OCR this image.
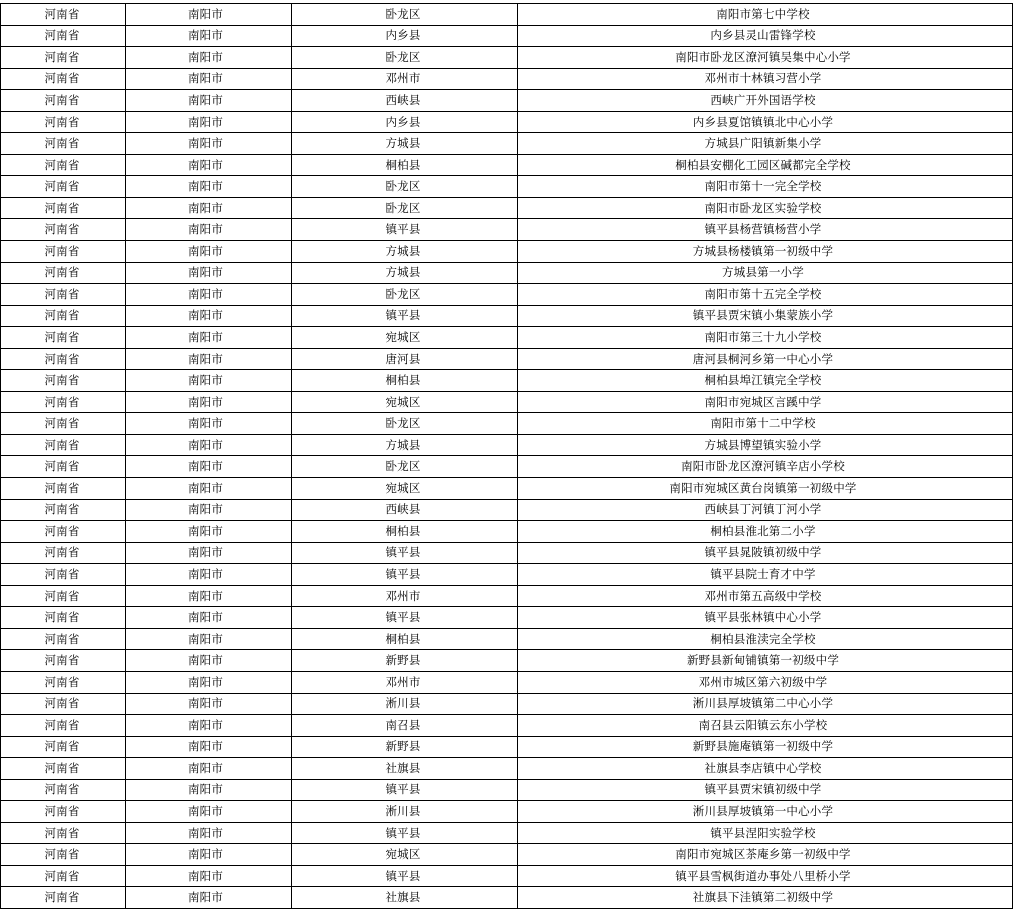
河南省	南阳市	卧龙区	南阳市第七中学校
河南省	南阳市	内乡县	内乡县灵山雷锋学校
河南省	南阳市	卧龙区	南阳市卧龙区潦河镇吴集中心小学
河南省	南阳市	邓州市	邓州市十林镇习营小学
河南省	南阳市	西峡县	西峡广开外国语学校
河南省	南阳市	内乡县	内乡县夏馆镇镇北中心小学
河南省	南阳市	方城县	方城县广阳镇新集小学
河南省	南阳市	桐柏县	桐柏县安棚化工园区碱都完全学校
河南省	南阳市	卧龙区	南阳市第十一完全学校
河南省	南阳市	卧龙区	南阳市卧龙区实验学校
河南省	南阳市	镇平县	镇平县杨营镇杨营小学
河南省	南阳市	方城县	方城县杨楼镇第一初级中学
河南省	南阳市	方城县	方城县第一小学
河南省	南阳市	卧龙区	南阳市第十五完全学校
河南省	南阳市	镇平县	镇平县贾宋镇小集蒙族小学
河南省	南阳市	宛城区	南阳市第三十九小学校
河南省	南阳市	唐河县	唐河县桐河乡第一中心小学
河南省	南阳市	桐柏县	桐柏县埠江镇完全学校
河南省	南阳市	宛城区	南阳市宛城区言蹊中学
河南省	南阳市	卧龙区	南阳市第十二中学校
河南省	南阳市	方城县	方城县博望镇实验小学
河南省	南阳市	卧龙区	南阳市卧龙区潦河镇辛店小学校
河南省	南阳市	宛城区	南阳市宛城区黄台岗镇第一初级中学
河南省	南阳市	西峡县	西峡县丁河镇丁河小学
河南省	南阳市	桐柏县	桐柏县淮北第二小学
河南省	南阳市	镇平县	镇平县晁陂镇初级中学
河南省	南阳市	镇平县	镇平县院士育才中学
河南省	南阳市	邓州市	邓州市第五高级中学校
河南省	南阳市	镇平县	镇平县张林镇中心小学
河南省	南阳市	桐柏县	桐柏县淮渎完全学校
河南省	南阳市	新野县	新野县新甸铺镇第一初级中学
河南省	南阳市	邓州市	邓州市城区第六初级中学
河南省	南阳市	淅川县	淅川县厚坡镇第二中心小学
河南省	南阳市	南召县	南召县云阳镇云东小学校
河南省	南阳市	新野县	新野县施庵镇第一初级中学
河南省	南阳市	社旗县	社旗县李店镇中心学校
河南省	南阳市	镇平县	镇平县贾宋镇初级中学
河南省	南阳市	淅川县	淅川县厚坡镇第一中心小学
河南省	南阳市	镇平县	镇平县涅阳实验学校
河南省	南阳市	宛城区	南阳市宛城区茶庵乡第一初级中学
河南省	南阳市	镇平县	镇平县雪枫街道办事处八里桥小学
河南省	南阳市	社旗县	社旗县下洼镇第二初级中学
